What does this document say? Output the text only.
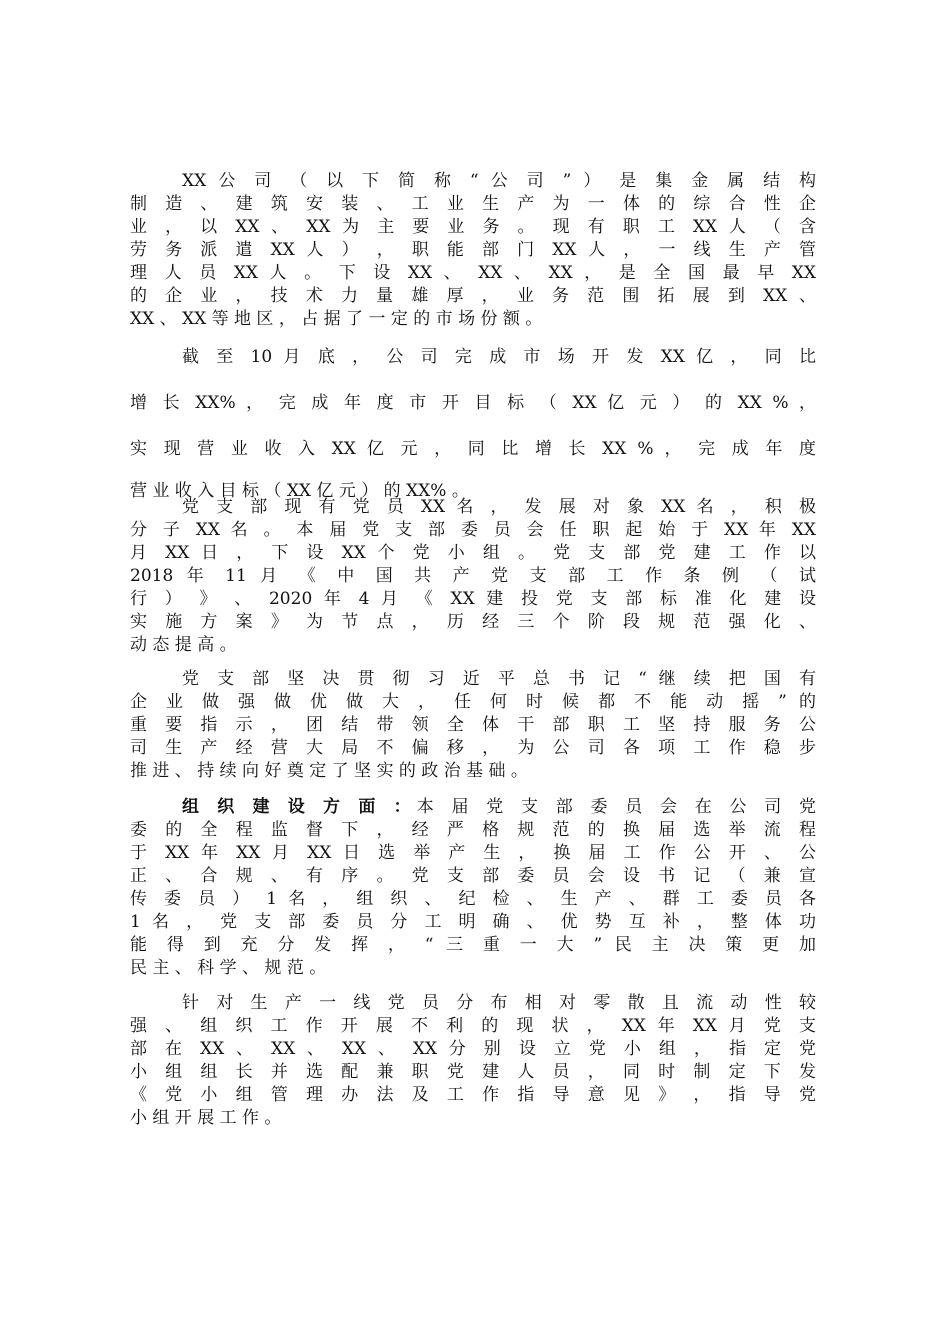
XX 公 司 （ 以 下 简 称 “ 公 司 ” ） 是 集 金 属 结 构
制 造 、 建 筑 安 装 、 工 业 生 产 为 一 体 的 综 合 性 企
业 ， 以 XX 、 XX 为 主 要 业 务 。 现 有 职 工 XX 人 （ 含
劳 务 派 遣 XX 人 ） ， 职 能 部 门 XX 人 ， 一 线 生 产 管
理 人 员 XX 人 。 下 设 XX 、 XX 、 XX ， 是 全 国 最 早 XX
的 企 业 ， 技 术 力 量 雄 厚 ， 业 务 范 围 拓 展 到 XX 、
XX 、 XX 等 地 区 ， 占 据 了 一 定 的 市 场 份 额 。
截 至 10 月 底 ， 公 司 完 成 市 场 开 发 XX 亿 ， 同 比
增 长 XX% ， 完 成 年 度 市 开 目 标 （ XX 亿 元 ） 的 XX % ，
实 现 营 业 收 入 XX 亿 元 ， 同 比 增 长 XX % ， 完 成 年 度
营 业 收 入 目 标 （ XX 亿 元 ） 的 XX% 。
党 支 部 现 有 党 员 XX 名 ， 发 展 对 象 XX 名 ， 积 极
分 子 XX 名 。 本 届 党 支 部 委 员 会 任 职 起 始 于 XX 年 XX
月 XX 日 ， 下 设 XX 个 党 小 组 。 党 支 部 党 建 工 作 以
2018 年 11 月 《 中 国 共 产 党 支 部 工 作 条 例 （ 试
行 ） 》 、 2020 年 4 月 《 XX 建 投 党 支 部 标 准 化 建 设
实 施 方 案 》 为 节 点 ， 历 经 三 个 阶 段 规 范 强 化 、
动 态 提 高 。
党 支 部 坚 决 贯 彻 习 近 平 总 书 记 “ 继 续 把 国 有
企 业 做 强 做 优 做 大 ， 任 何 时 候 都 不 能 动 摇 ” 的
重 要 指 示 ， 团 结 带 领 全 体 干 部 职 工 坚 持 服 务 公
司 生 产 经 营 大 局 不 偏 移 ， 为 公 司 各 项 工 作 稳 步
推 进 、 持 续 向 好 奠 定 了 坚 实 的 政 治 基 础 。
组 织 建 设 方 面 ：本 届 党 支 部 委 员 会 在 公 司 党
委 的 全 程 监 督 下 ， 经 严 格 规 范 的 换 届 选 举 流 程
于 XX 年 XX 月 XX 日 选 举 产 生 ， 换 届 工 作 公 开 、 公
正 、 合 规 、 有 序 。 党 支 部 委 员 会 设 书 记 （ 兼 宣
传 委 员 ） 1 名 ， 组 织 、 纪 检 、 生 产 、 群 工 委 员 各
1 名 ， 党 支 部 委 员 分 工 明 确 、 优 势 互 补 ， 整 体 功
能 得 到 充 分 发 挥 ， “ 三 重 一 大 ” 民 主 决 策 更 加
民 主 、 科 学 、 规 范 。
针 对 生 产 一 线 党 员 分 布 相 对 零 散 且 流 动 性 较
强 、 组 织 工 作 开 展 不 利 的 现 状 ， XX 年 XX 月 党 支
部 在 XX 、 XX 、 XX 、 XX 分 别 设 立 党 小 组 ， 指 定 党
小 组 组 长 并 选 配 兼 职 党 建 人 员 ， 同 时 制 定 下 发
《 党 小 组 管 理 办 法 及 工 作 指 导 意 见 》 ， 指 导 党
小 组 开 展 工 作 。
